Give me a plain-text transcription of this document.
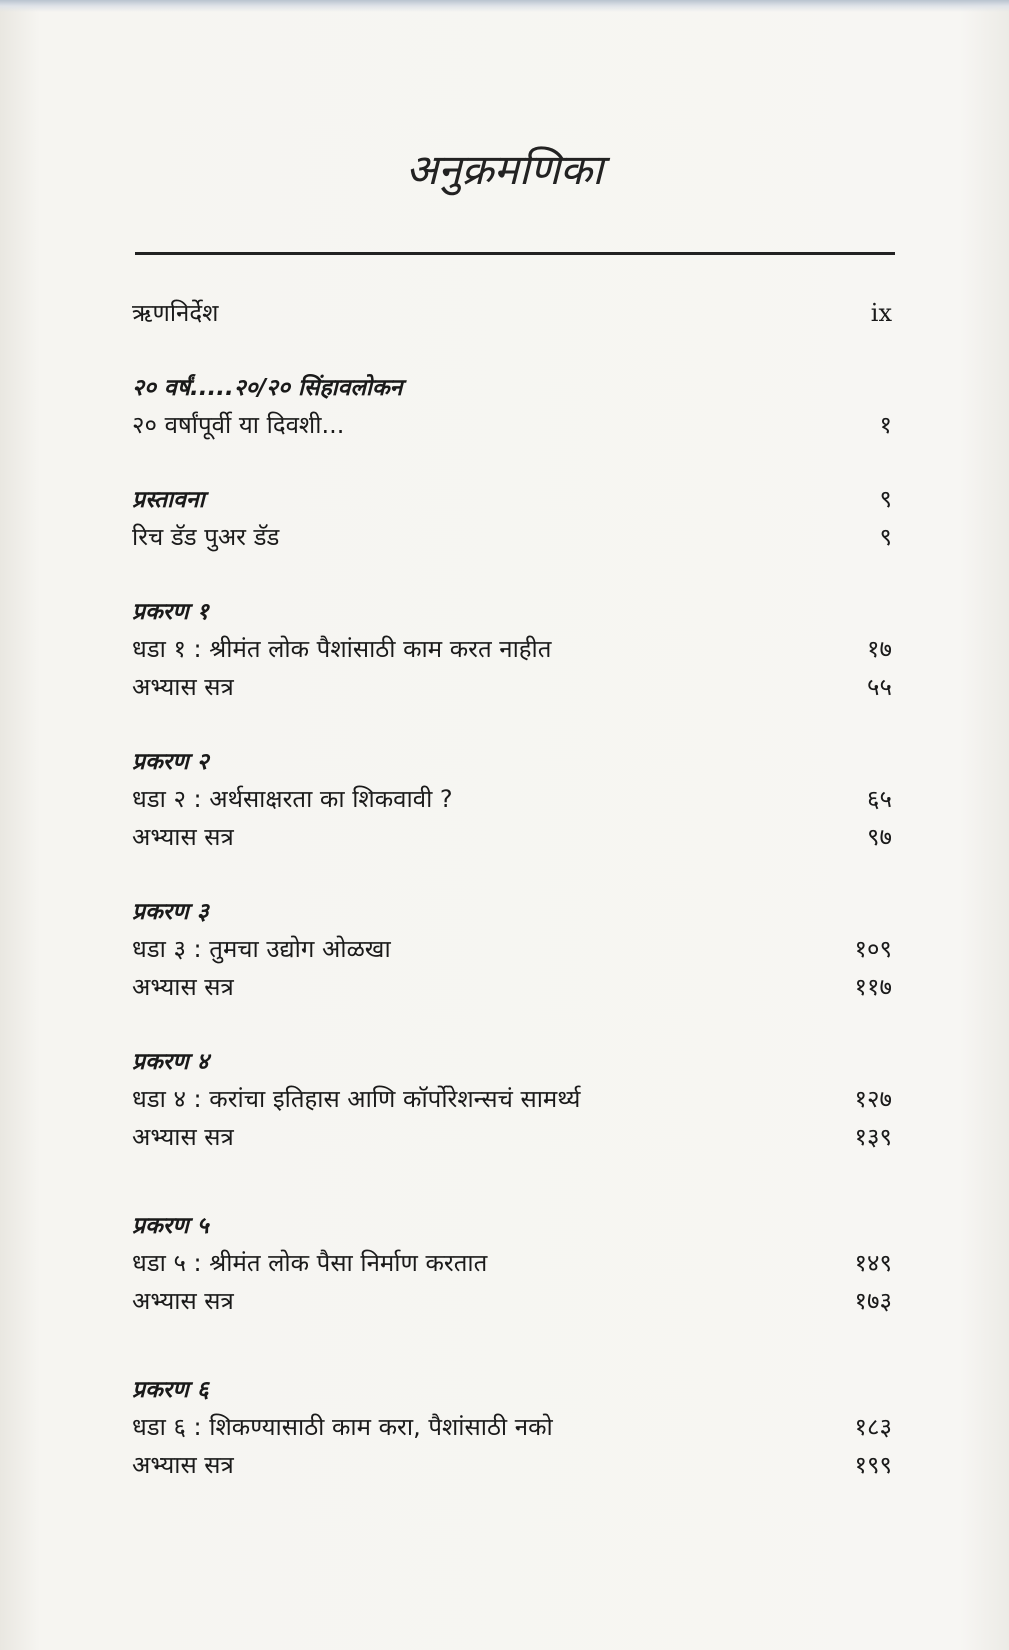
अनुक्रमणिका
ऋणनिर्देश	ix
२० वर्षं.....२०/२० सिंहावलोकन
२० वर्षांपूर्वी या दिवशी...	१
प्रस्तावना	९
रिच डॅड पुअर डॅड	९
प्रकरण १
धडा १ : श्रीमंत लोक पैशांसाठी काम करत नाहीत	१७
अभ्यास सत्र	५५
प्रकरण २
धडा २ : अर्थसाक्षरता का शिकवावी ?	६५
अभ्यास सत्र	९७
प्रकरण ३
धडा ३ : तुमचा उद्योग ओळखा	१०९
अभ्यास सत्र	११७
प्रकरण ४
धडा ४ : करांचा इतिहास आणि कॉर्पोरेशन्सचं सामर्थ्य	१२७
अभ्यास सत्र	१३९
प्रकरण ५
धडा ५ : श्रीमंत लोक पैसा निर्माण करतात	१४९
अभ्यास सत्र	१७३
प्रकरण ६
धडा ६ : शिकण्यासाठी काम करा, पैशांसाठी नको	१८३
अभ्यास सत्र	१९९
